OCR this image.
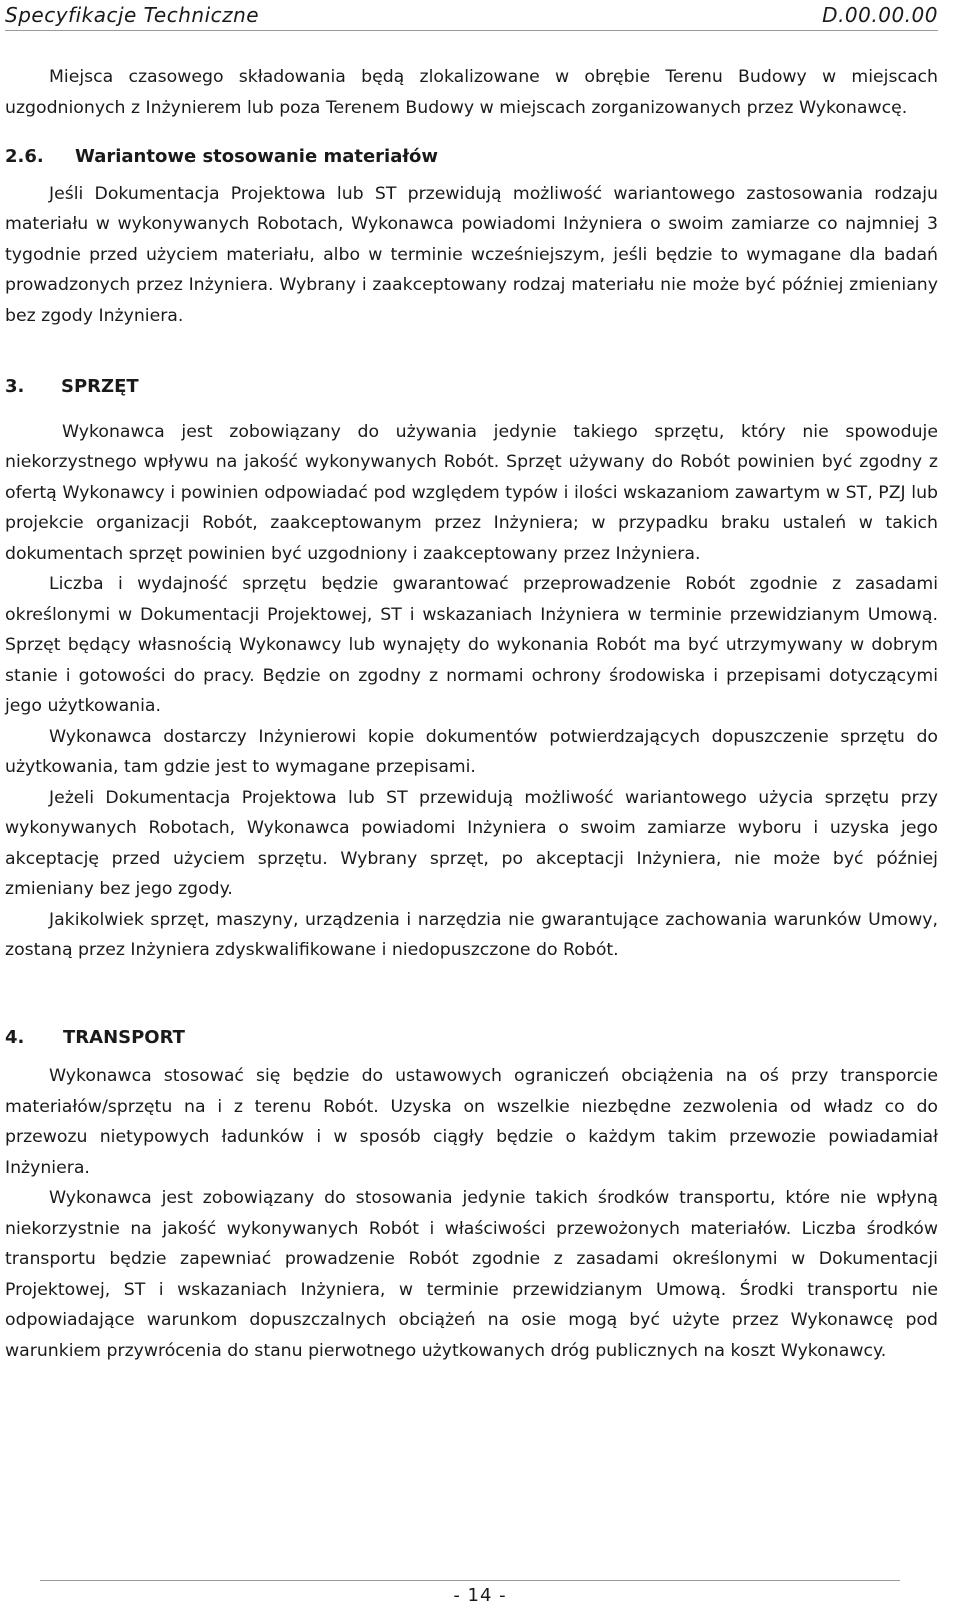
Specyfikacje Techniczne	D.00.00.00

Miejsca czasowego składowania będą zlokalizowane w obrębie Terenu Budowy w miejscach uzgodnionych z Inżynierem lub poza Terenem Budowy w miejscach zorganizowanych przez Wykonawcę.

2.6.	Wariantowe stosowanie materiałów

Jeśli Dokumentacja Projektowa lub ST przewidują możliwość wariantowego zastosowania rodzaju materiału w wykonywanych Robotach, Wykonawca powiadomi Inżyniera o swoim zamiarze co najmniej 3 tygodnie przed użyciem materiału, albo w terminie wcześniejszym, jeśli będzie to wymagane dla badań prowadzonych przez Inżyniera. Wybrany i zaakceptowany rodzaj materiału nie może być później zmieniany bez zgody Inżyniera.

3.	SPRZĘT

Wykonawca jest zobowiązany do używania jedynie takiego sprzętu, który nie spowoduje niekorzystnego wpływu na jakość wykonywanych Robót. Sprzęt używany do Robót powinien być zgodny z ofertą Wykonawcy i powinien odpowiadać pod względem typów i ilości wskazaniom zawartym w ST, PZJ lub projekcie organizacji Robót, zaakceptowanym przez Inżyniera; w przypadku braku ustaleń w takich dokumentach sprzęt powinien być uzgodniony i zaakceptowany przez Inżyniera.

Liczba i wydajność sprzętu będzie gwarantować przeprowadzenie Robót zgodnie z zasadami określonymi w Dokumentacji Projektowej, ST i wskazaniach Inżyniera w terminie przewidzianym Umową. Sprzęt będący własnością Wykonawcy lub wynajęty do wykonania Robót ma być utrzymywany w dobrym stanie i gotowości do pracy. Będzie on zgodny z normami ochrony środowiska i przepisami dotyczącymi jego użytkowania.

Wykonawca dostarczy Inżynierowi kopie dokumentów potwierdzających dopuszczenie sprzętu do użytkowania, tam gdzie jest to wymagane przepisami.

Jeżeli Dokumentacja Projektowa lub ST przewidują możliwość wariantowego użycia sprzętu przy wykonywanych Robotach, Wykonawca powiadomi Inżyniera o swoim zamiarze wyboru i uzyska jego akceptację przed użyciem sprzętu. Wybrany sprzęt, po akceptacji Inżyniera, nie może być później zmieniany bez jego zgody.

Jakikolwiek sprzęt, maszyny, urządzenia i narzędzia nie gwarantujące zachowania warunków Umowy, zostaną przez Inżyniera zdyskwalifikowane i niedopuszczone do Robót.

4.	TRANSPORT

Wykonawca stosować się będzie do ustawowych ograniczeń obciążenia na oś przy transporcie materiałów/sprzętu na i z terenu Robót. Uzyska on wszelkie niezbędne zezwolenia od władz co do przewozu nietypowych ładunków i w sposób ciągły będzie o każdym takim przewozie powiadamiał Inżyniera.

Wykonawca jest zobowiązany do stosowania jedynie takich środków transportu, które nie wpłyną niekorzystnie na jakość wykonywanych Robót i właściwości przewożonych materiałów. Liczba środków transportu będzie zapewniać prowadzenie Robót zgodnie z zasadami określonymi w Dokumentacji Projektowej, ST i wskazaniach Inżyniera, w terminie przewidzianym Umową. Środki transportu nie odpowiadające warunkom dopuszczalnych obciążeń na osie mogą być użyte przez Wykonawcę pod warunkiem przywrócenia do stanu pierwotnego użytkowanych dróg publicznych na koszt Wykonawcy.

- 14 -
